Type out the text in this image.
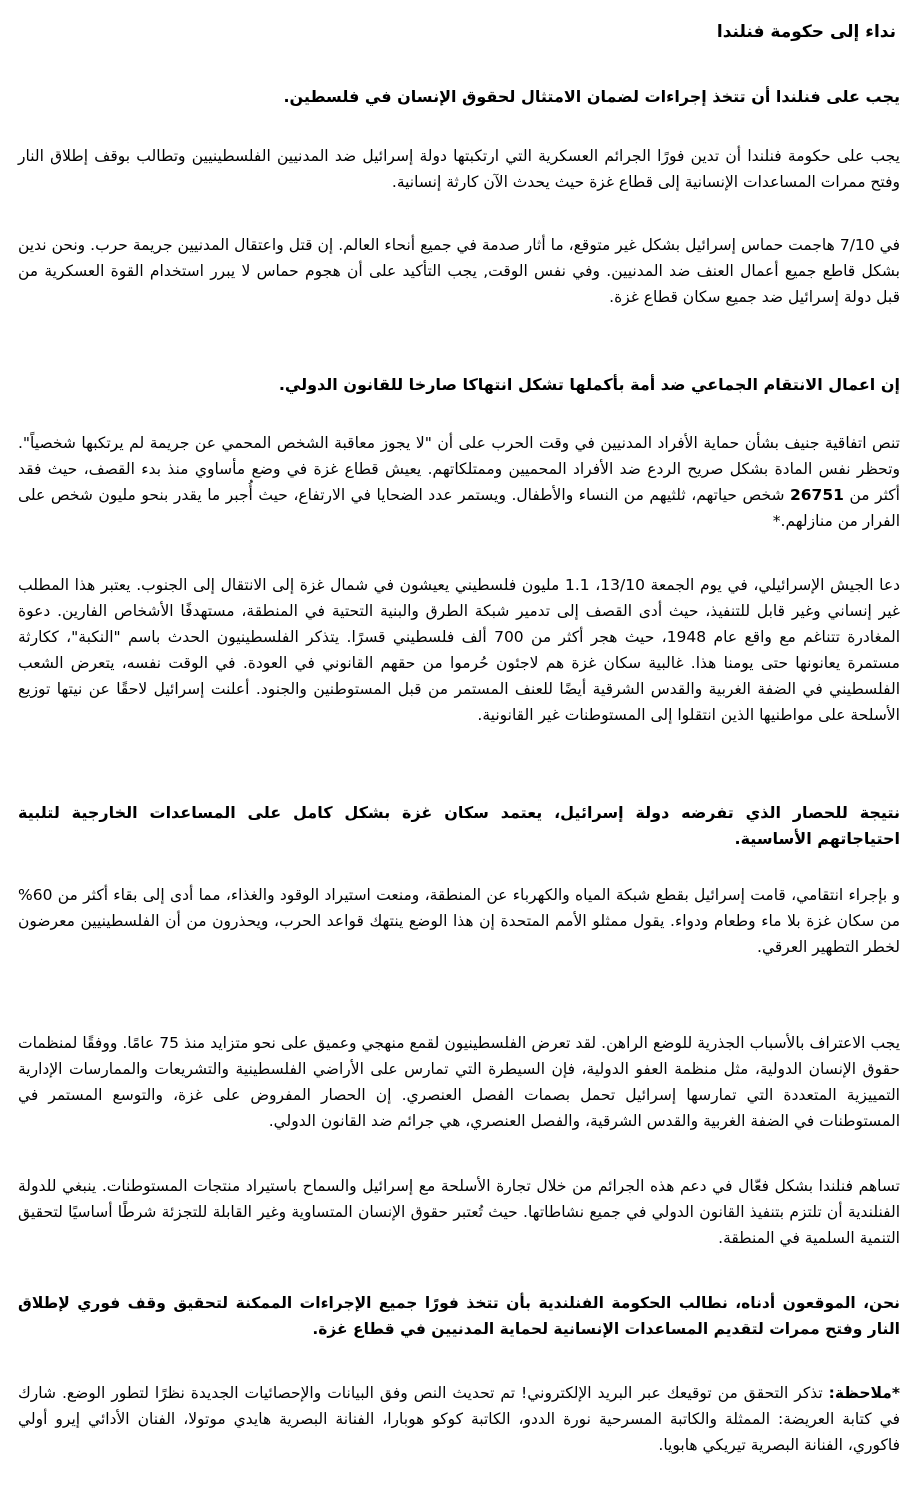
نداء إلى حكومة فنلندا

يجب على فنلندا أن تتخذ إجراءات لضمان الامتثال لحقوق الإنسان في فلسطين.

يجب على حكومة فنلندا أن تدين فورًا الجرائم العسكرية التي ارتكبتها دولة إسرائيل ضد المدنيين الفلسطينيين وتطالب بوقف إطلاق النار وفتح ممرات المساعدات الإنسانية إلى قطاع غزة حيث يحدث الآن كارثة إنسانية.

في 7/10 هاجمت حماس إسرائيل بشكل غير متوقع، ما أثار صدمة في جميع أنحاء العالم. إن قتل واعتقال المدنيين جريمة حرب. ونحن ندين بشكل قاطع جميع أعمال العنف ضد المدنيين. وفي نفس الوقت, يجب التأكيد على أن هجوم حماس لا يبرر استخدام القوة العسكرية من قبل دولة إسرائيل ضد جميع سكان قطاع غزة.

إن اعمال الانتقام الجماعي ضد أمة بأكملها تشكل انتهاكا صارخا للقانون الدولي.

تنص اتفاقية جنيف بشأن حماية الأفراد المدنيين في وقت الحرب على أن "لا يجوز معاقبة الشخص المحمي عن جريمة لم يرتكبها شخصياً". وتحظر نفس المادة بشكل صريح الردع ضد الأفراد المحميين وممتلكاتهم. يعيش قطاع غزة في وضع مأساوي منذ بدء القصف، حيث فقد أكثر من 26751 شخص حياتهم، ثلثيهم من النساء والأطفال. ويستمر عدد الضحايا في الارتفاع، حيث أُجبر ما يقدر بنحو مليون شخص على الفرار من منازلهم.*

دعا الجيش الإسرائيلي، في يوم الجمعة 13/10، 1.1 مليون فلسطيني يعيشون في شمال غزة إلى الانتقال إلى الجنوب. يعتبر هذا المطلب غير إنساني وغير قابل للتنفيذ، حيث أدى القصف إلى تدمير شبكة الطرق والبنية التحتية في المنطقة، مستهدفًا الأشخاص الفارين. دعوة المغادرة تتناغم مع واقع عام 1948، حيث هجر أكثر من 700 ألف فلسطيني قسرًا. يتذكر الفلسطينيون الحدث باسم "النكبة"، ككارثة مستمرة يعانونها حتى يومنا هذا. غالبية سكان غزة هم لاجئون حُرموا من حقهم القانوني في العودة. في الوقت نفسه، يتعرض الشعب الفلسطيني في الضفة الغربية والقدس الشرقية أيضًا للعنف المستمر من قبل المستوطنين والجنود. أعلنت إسرائيل لاحقًا عن نيتها توزيع الأسلحة على مواطنيها الذين انتقلوا إلى المستوطنات غير القانونية.

نتيجة للحصار الذي تفرضه دولة إسرائيل، يعتمد سكان غزة بشكل كامل على المساعدات الخارجية لتلبية احتياجاتهم الأساسية.

و بإجراء انتقامي، قامت إسرائيل بقطع شبكة المياه والكهرباء عن المنطقة، ومنعت استيراد الوقود والغذاء، مما أدى إلى بقاء أكثر من 60% من سكان غزة بلا ماء وطعام ودواء. يقول ممثلو الأمم المتحدة إن هذا الوضع ينتهك قواعد الحرب، ويحذرون من أن الفلسطينيين معرضون لخطر التطهير العرقي.

يجب الاعتراف بالأسباب الجذرية للوضع الراهن. لقد تعرض الفلسطينيون لقمع منهجي وعميق على نحو متزايد منذ 75 عامًا. ووفقًا لمنظمات حقوق الإنسان الدولية، مثل منظمة العفو الدولية، فإن السيطرة التي تمارس على الأراضي الفلسطينية والتشريعات والممارسات الإدارية التمييزية المتعددة التي تمارسها إسرائيل تحمل بصمات الفصل العنصري. إن الحصار المفروض على غزة، والتوسع المستمر في المستوطنات في الضفة الغربية والقدس الشرقية، والفصل العنصري، هي جرائم ضد القانون الدولي.

تساهم فنلندا بشكل فعّال في دعم هذه الجرائم من خلال تجارة الأسلحة مع إسرائيل والسماح باستيراد منتجات المستوطنات. ينبغي للدولة الفنلندية أن تلتزم بتنفيذ القانون الدولي في جميع نشاطاتها. حيث تُعتبر حقوق الإنسان المتساوية وغير القابلة للتجزئة شرطًا أساسيًا لتحقيق التنمية السلمية في المنطقة.

نحن، الموقعون أدناه، نطالب الحكومة الفنلندية بأن تتخذ فورًا جميع الإجراءات الممكنة لتحقيق وقف فوري لإطلاق النار وفتح ممرات لتقديم المساعدات الإنسانية لحماية المدنيين في قطاع غزة.

*ملاحظة: تذكر التحقق من توقيعك عبر البريد الإلكتروني! تم تحديث النص وفق البيانات والإحصائيات الجديدة نظرًا لتطور الوضع. شارك في كتابة العريضة: الممثلة والكاتبة المسرحية نورة الددو، الكاتبة كوكو هوبارا، الفنانة البصرية هايدي موتولا، الفنان الأدائي إيرو أولي فاكوري، الفنانة البصرية تيريكي هابويا.
